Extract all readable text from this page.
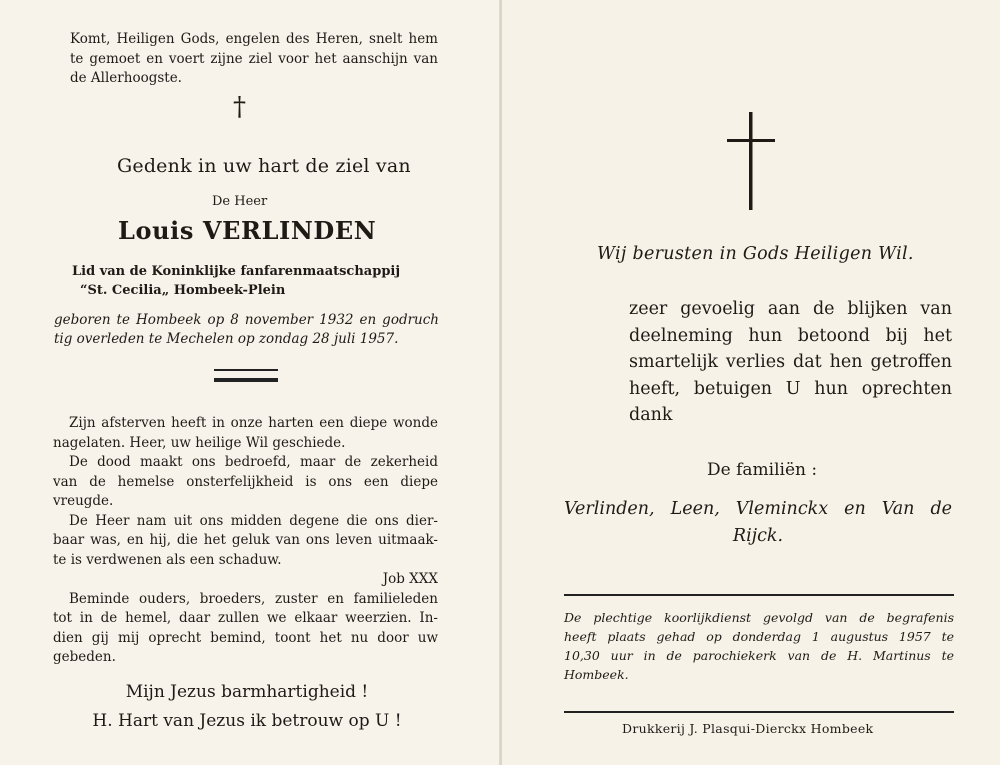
Komt, Heiligen Gods, engelen des Heren, snelt hem
te gemoet en voert zijne ziel voor het aanschijn van
de Allerhoogste.
†
Gedenk in uw hart de ziel van
De Heer
Louis VERLINDEN
Lid van de Koninklijke fanfarenmaatschappij
“St. Cecilia„ Hombeek-Plein
geboren te Hombeek op 8 november 1932 en godruch
tig overleden te Mechelen op zondag 28 juli 1957.
Zijn afsterven heeft in onze harten een diepe wonde
nagelaten. Heer, uw heilige Wil geschiede.
De dood maakt ons bedroefd, maar de zekerheid
van de hemelse onsterfelijkheid is ons een diepe
vreugde.
De Heer nam uit ons midden degene die ons dier-
baar was, en hij, die het geluk van ons leven uitmaak-
te is verdwenen als een schaduw.
Job XXX
Beminde ouders, broeders, zuster en familieleden
tot in de hemel, daar zullen we elkaar weerzien. In-
dien gij mij oprecht bemind, toont het nu door uw
gebeden.
Mijn Jezus barmhartigheid !
H. Hart van Jezus ik betrouw op U !
Wij berusten in Gods Heiligen Wil.
zeer gevoelig aan de blijken van
deelneming hun betoond bij het
smartelijk verlies dat hen getroffen
heeft, betuigen U hun oprechten
dank
De familiën :
Verlinden, Leen, Vleminckx en Van de
Rijck.
De plechtige koorlijkdienst gevolgd van de begrafenis
heeft plaats gehad op donderdag 1 augustus 1957 te
10,30 uur in de parochiekerk van de H. Martinus te
Hombeek.
Drukkerij J. Plasqui-Dierckx Hombeek
